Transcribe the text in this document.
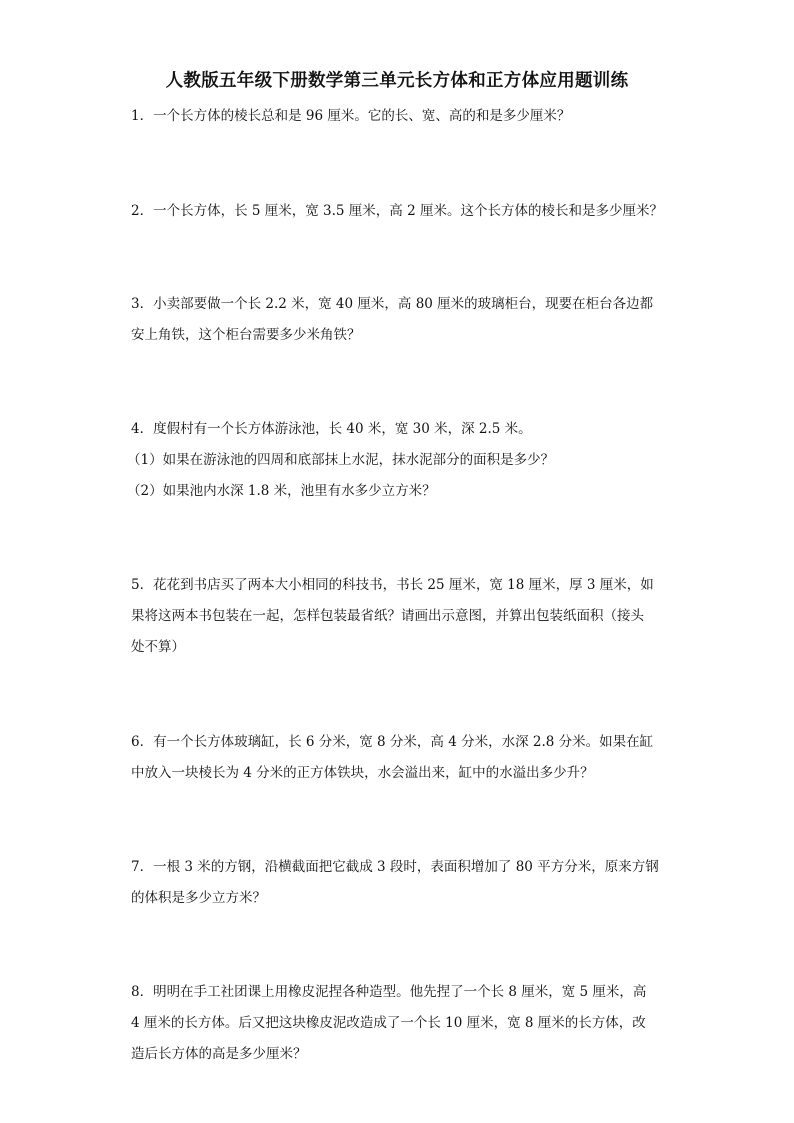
人教版五年级下册数学第三单元长方体和正方体应用题训练

1．一个长方体的棱长总和是 96 厘米。它的长、宽、高的和是多少厘米？

2．一个长方体，长 5 厘米，宽 3.5 厘米，高 2 厘米。这个长方体的棱长和是多少厘米？

3．小卖部要做一个长 2.2 米，宽 40 厘米，高 80 厘米的玻璃柜台，现要在柜台各边都

安上角铁，这个柜台需要多少米角铁？

4．度假村有一个长方体游泳池，长 40 米，宽 30 米，深 2.5 米。

（1）如果在游泳池的四周和底部抹上水泥，抹水泥部分的面积是多少？

（2）如果池内水深 1.8 米，池里有水多少立方米？

5．花花到书店买了两本大小相同的科技书，书长 25 厘米，宽 18 厘米，厚 3 厘米，如

果将这两本书包装在一起，怎样包装最省纸？请画出示意图，并算出包装纸面积（接头

处不算）

6．有一个长方体玻璃缸，长 6 分米，宽 8 分米，高 4 分米，水深 2.8 分米。如果在缸

中放入一块棱长为 4 分米的正方体铁块，水会溢出来，缸中的水溢出多少升？

7．一根 3 米的方钢，沿横截面把它截成 3 段时，表面积增加了 80 平方分米，原来方钢

的体积是多少立方米？

8．明明在手工社团课上用橡皮泥捏各种造型。他先捏了一个长 8 厘米，宽 5 厘米，高

4 厘米的长方体。后又把这块橡皮泥改造成了一个长 10 厘米，宽 8 厘米的长方体，改

造后长方体的高是多少厘米？
